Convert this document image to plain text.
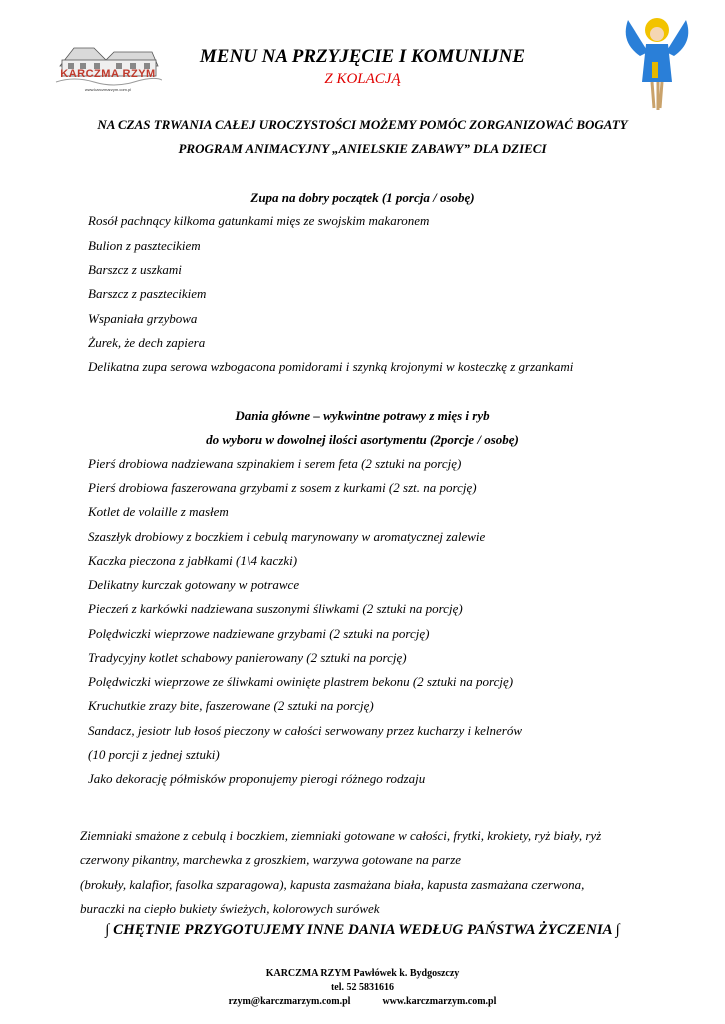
KARCZMA RZYM
www.karczmarzym.com.pl
MENU NA PRZYJĘCIE I KOMUNIJNE
Z KOLACJĄ
NA CZAS TRWANIA CAŁEJ UROCZYSTOŚCI MOŻEMY POMÓC ZORGANIZOWAĆ BOGATY
PROGRAM ANIMACYJNY „ANIELSKIE ZABAWY” DLA DZIECI
Zupa na dobry początek (1 porcja / osobę)
Rosół pachnący kilkoma gatunkami mięs ze swojskim makaronem
Bulion z pasztecikiem
Barszcz z uszkami
Barszcz z pasztecikiem
Wspaniała grzybowa
Żurek, że dech zapiera
Delikatna zupa serowa wzbogacona pomidorami i szynką krojonymi w kosteczkę z grzankami
Dania główne – wykwintne potrawy z mięs i ryb
do wyboru w dowolnej ilości asortymentu (2porcje / osobę)
Pierś drobiowa nadziewana szpinakiem i serem feta (2 sztuki na porcję)
Pierś drobiowa faszerowana grzybami z sosem z kurkami (2 szt. na porcję)
Kotlet de volaille z masłem
Szaszłyk drobiowy z boczkiem i cebulą marynowany w aromatycznej zalewie
Kaczka pieczona z jabłkami (1\4 kaczki)
Delikatny kurczak gotowany w potrawce
Pieczeń z karkówki nadziewana suszonymi śliwkami (2 sztuki na porcję)
Polędwiczki wieprzowe nadziewane grzybami (2 sztuki na porcję)
Tradycyjny kotlet schabowy panierowany (2 sztuki na porcję)
Polędwiczki wieprzowe ze śliwkami owinięte plastrem bekonu (2 sztuki na porcję)
Kruchutkie zrazy bite, faszerowane (2 sztuki na porcję)
Sandacz, jesiotr lub łosoś pieczony w całości serwowany przez kucharzy i kelnerów
(10 porcji z jednej sztuki)
Jako dekorację półmisków proponujemy pierogi różnego rodzaju
Ziemniaki smażone z cebulą i boczkiem, ziemniaki gotowane w całości, frytki, krokiety, ryż biały, ryż
czerwony pikantny, marchewka z groszkiem, warzywa gotowane na parze
(brokuły, kalafior, fasolka szparagowa), kapusta zasmażana biała, kapusta zasmażana czerwona,
buraczki na ciepło bukiety świeżych, kolorowych surówek
∫ CHĘTNIE PRZYGOTUJEMY INNE DANIA WEDŁUG PAŃSTWA ŻYCZENIA ∫
KARCZMA RZYM Pawłówek k. Bydgoszczy
tel. 52 5831616
rzym@karczmarzym.com.pl	www.karczmarzym.com.pl
